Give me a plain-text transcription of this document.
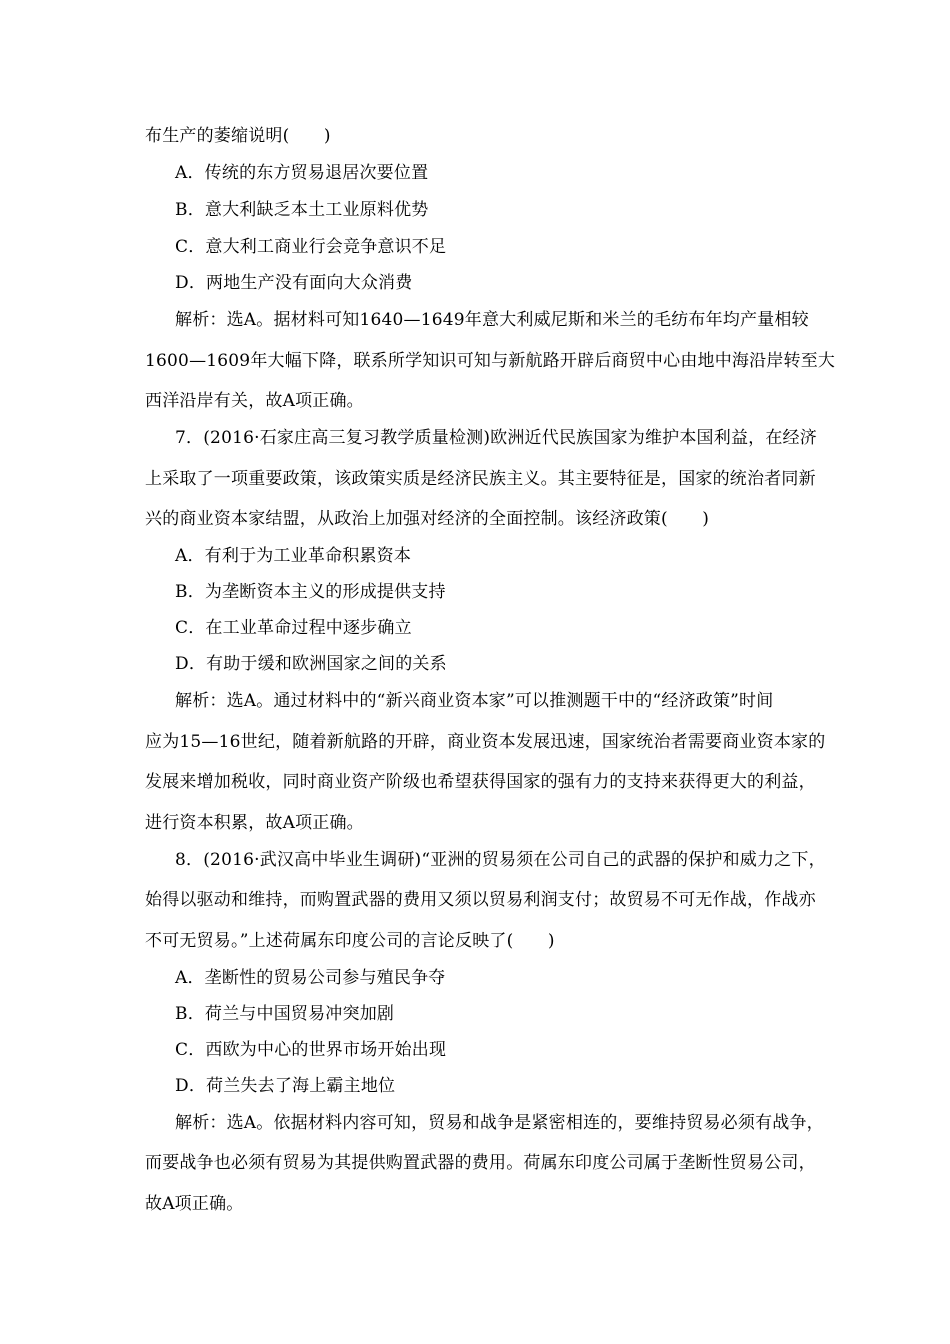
布生产的萎缩说明(　　)
A．传统的东方贸易退居次要位置
B．意大利缺乏本土工业原料优势
C．意大利工商业行会竞争意识不足
D．两地生产没有面向大众消费
解析：选A。据材料可知1640—1649年意大利威尼斯和米兰的毛纺布年均产量相较
1600—1609年大幅下降，联系所学知识可知与新航路开辟后商贸中心由地中海沿岸转至大
西洋沿岸有关，故A项正确。
7．(2016·石家庄高三复习教学质量检测)欧洲近代民族国家为维护本国利益，在经济
上采取了一项重要政策，该政策实质是经济民族主义。其主要特征是，国家的统治者同新
兴的商业资本家结盟，从政治上加强对经济的全面控制。该经济政策(　　)
A．有利于为工业革命积累资本
B．为垄断资本主义的形成提供支持
C．在工业革命过程中逐步确立
D．有助于缓和欧洲国家之间的关系
解析：选A。通过材料中的“新兴商业资本家”可以推测题干中的“经济政策”时间
应为15—16世纪，随着新航路的开辟，商业资本发展迅速，国家统治者需要商业资本家的
发展来增加税收，同时商业资产阶级也希望获得国家的强有力的支持来获得更大的利益，
进行资本积累，故A项正确。
8．(2016·武汉高中毕业生调研)“亚洲的贸易须在公司自己的武器的保护和威力之下，
始得以驱动和维持，而购置武器的费用又须以贸易利润支付；故贸易不可无作战，作战亦
不可无贸易。”上述荷属东印度公司的言论反映了(　　)
A．垄断性的贸易公司参与殖民争夺
B．荷兰与中国贸易冲突加剧
C．西欧为中心的世界市场开始出现
D．荷兰失去了海上霸主地位
解析：选A。依据材料内容可知，贸易和战争是紧密相连的，要维持贸易必须有战争，
而要战争也必须有贸易为其提供购置武器的费用。荷属东印度公司属于垄断性贸易公司，
故A项正确。
